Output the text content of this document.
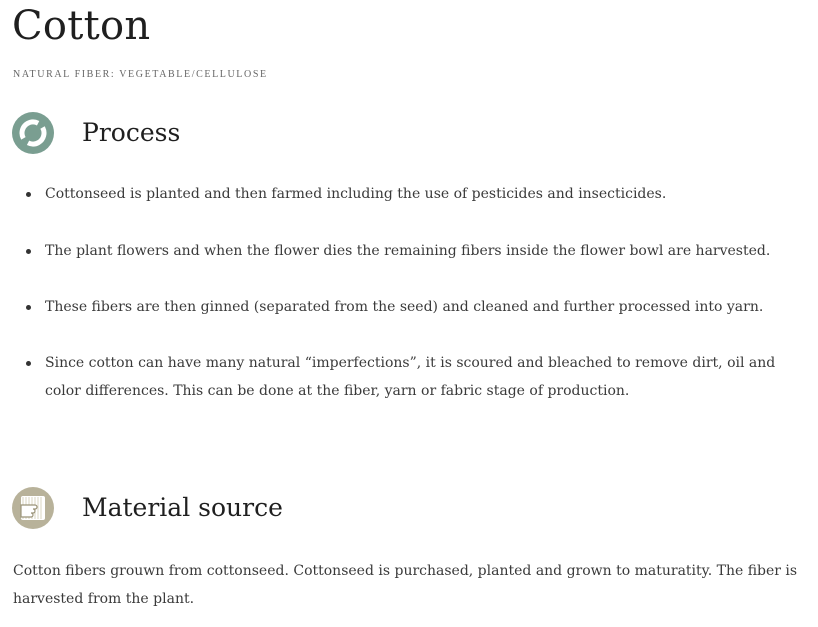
Cotton

NATURAL FIBER: VEGETABLE/CELLULOSE

Process
Cottonseed is planted and then farmed including the use of pesticides and insecticides.
The plant flowers and when the flower dies the remaining fibers inside the flower bowl are harvested.
These fibers are then ginned (separated from the seed) and cleaned and further processed into yarn.
Since cotton can have many natural “imperfections”, it is scoured and bleached to remove dirt, oil and color differences. This can be done at the fiber, yarn or fabric stage of production.
Material source

Cotton fibers grouwn from cottonseed. Cottonseed is purchased, planted and grown to maturatity. The fiber is harvested from the plant.
